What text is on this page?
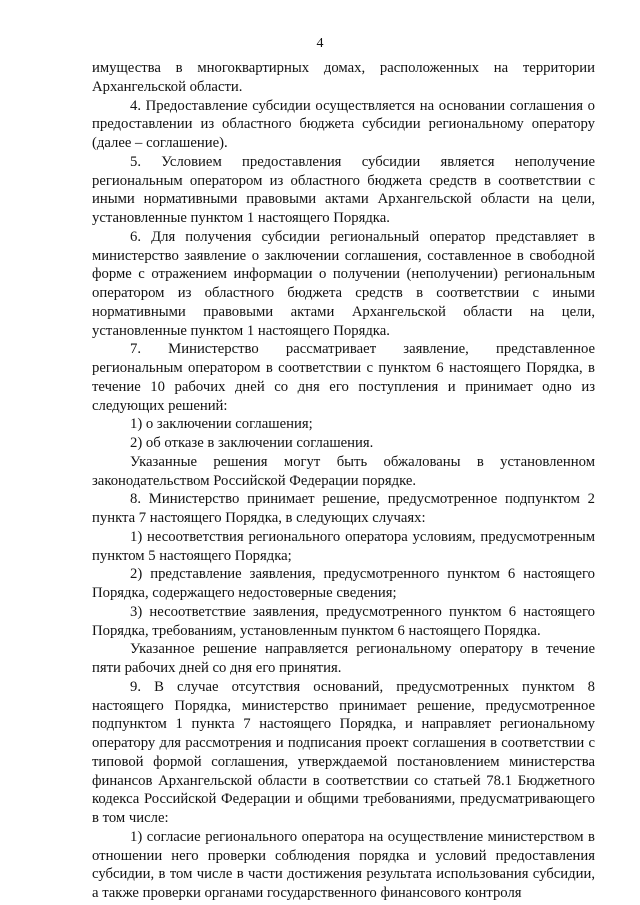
4

имущества в многоквартирных домах, расположенных на территории Архангельской области.

4. Предоставление субсидии осуществляется на основании соглашения о предоставлении из областного бюджета субсидии региональному оператору (далее – соглашение).

5. Условием предоставления субсидии является неполучение региональным оператором из областного бюджета средств в соответствии с иными нормативными правовыми актами Архангельской области на цели, установленные пунктом 1 настоящего Порядка.

6. Для получения субсидии региональный оператор представляет в министерство заявление о заключении соглашения, составленное в свободной форме с отражением информации о получении (неполучении) региональным оператором из областного бюджета средств в соответствии с иными нормативными правовыми актами Архангельской области на цели, установленные пунктом 1 настоящего Порядка.

7. Министерство рассматривает заявление, представленное региональным оператором в соответствии с пунктом 6 настоящего Порядка, в течение 10 рабочих дней со дня его поступления и принимает одно из следующих решений:

1) о заключении соглашения;

2) об отказе в заключении соглашения.

Указанные решения могут быть обжалованы в установленном законодательством Российской Федерации порядке.

8. Министерство принимает решение, предусмотренное подпунктом 2 пункта 7 настоящего Порядка, в следующих случаях:

1) несоответствия регионального оператора условиям, предусмотренным пунктом 5 настоящего Порядка;

2) представление заявления, предусмотренного пунктом 6 настоящего Порядка, содержащего недостоверные сведения;

3) несоответствие заявления, предусмотренного пунктом 6 настоящего Порядка, требованиям, установленным пунктом 6 настоящего Порядка.

Указанное решение направляется региональному оператору в течение пяти рабочих дней со дня его принятия.

9. В случае отсутствия оснований, предусмотренных пунктом 8 настоящего Порядка, министерство принимает решение, предусмотренное подпунктом 1 пункта 7 настоящего Порядка, и направляет региональному оператору для рассмотрения и подписания проект соглашения в соответствии с типовой формой соглашения, утверждаемой постановлением министерства финансов Архангельской области в соответствии со статьей 78.1 Бюджетного кодекса Российской Федерации и общими требованиями, предусматривающего в том числе:

1) согласие регионального оператора на осуществление министерством в отношении него проверки соблюдения порядка и условий предоставления субсидии, в том числе в части достижения результата использования субсидии, а также проверки органами государственного финансового контроля
